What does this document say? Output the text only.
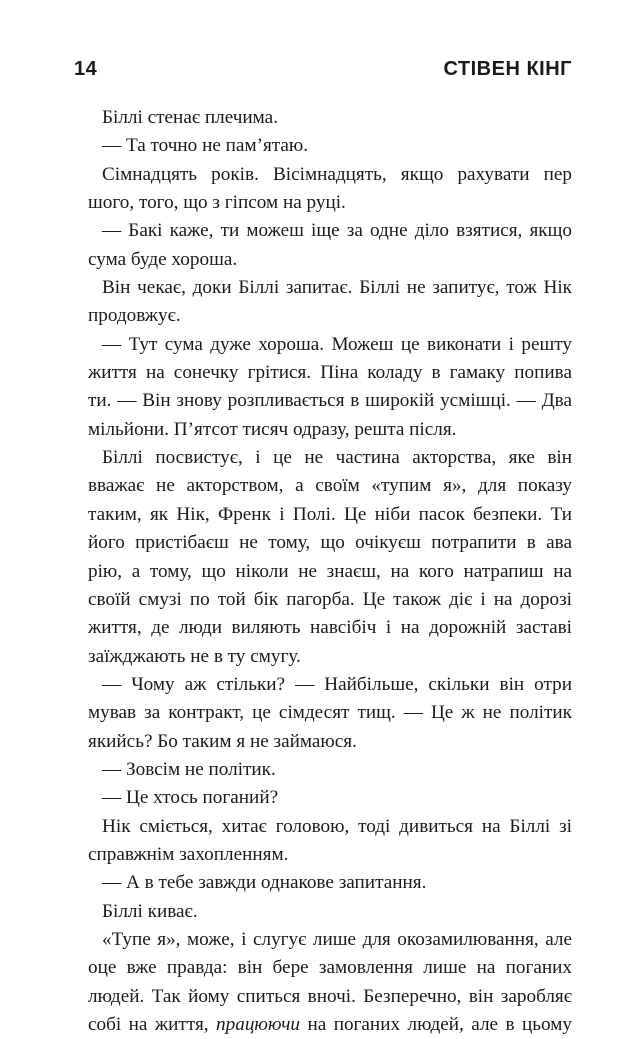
14	СТІВЕН КІНГ
Біллі стенає плечима.
— Та точно не пам’ятаю.
Сімнадцять років. Вісімнадцять, якщо рахувати пер
шого, того, що з гіпсом на руці.
— Бакі каже, ти можеш іще за одне діло взятися, якщо
сума буде хороша.
Він чекає, доки Біллі запитає. Біллі не запитує, тож Нік
продовжує.
— Тут сума дуже хороша. Можеш це виконати і решту
життя на сонечку грітися. Піна коладу в гамаку попива
ти. — Він знову розпливається в широкій усмішці. — Два
мільйони. П’ятсот тисяч одразу, решта після.
Біллі посвистує, і це не частина акторства, яке він
вважає не акторством, а своїм «тупим я», для показу
таким, як Нік, Френк і Полі. Це ніби пасок безпеки. Ти
його пристібаєш не тому, що очікуєш потрапити в ава
рію, а тому, що ніколи не знаєш, на кого натрапиш на
своїй смузі по той бік пагорба. Це також діє і на дорозі
життя, де люди виляють навсібіч і на дорожній заставі
заїжджають не в ту смугу.
— Чому аж стільки? — Найбільше, скільки він отри
мував за контракт, це сімдесят тищ. — Це ж не політик
якийсь? Бо таким я не займаюся.
— Зовсім не політик.
— Це хтось поганий?
Нік сміється, хитає головою, тоді дивиться на Біллі зі
справжнім захопленням.
— А в тебе завжди однакове запитання.
Біллі киває.
«Тупе я», може, і слугує лише для окозамилювання, але
оце вже правда: він бере замовлення лише на поганих
людей. Так йому спиться вночі. Безперечно, він заробляє
собі на життя, працюючи на поганих людей, але в цьому
